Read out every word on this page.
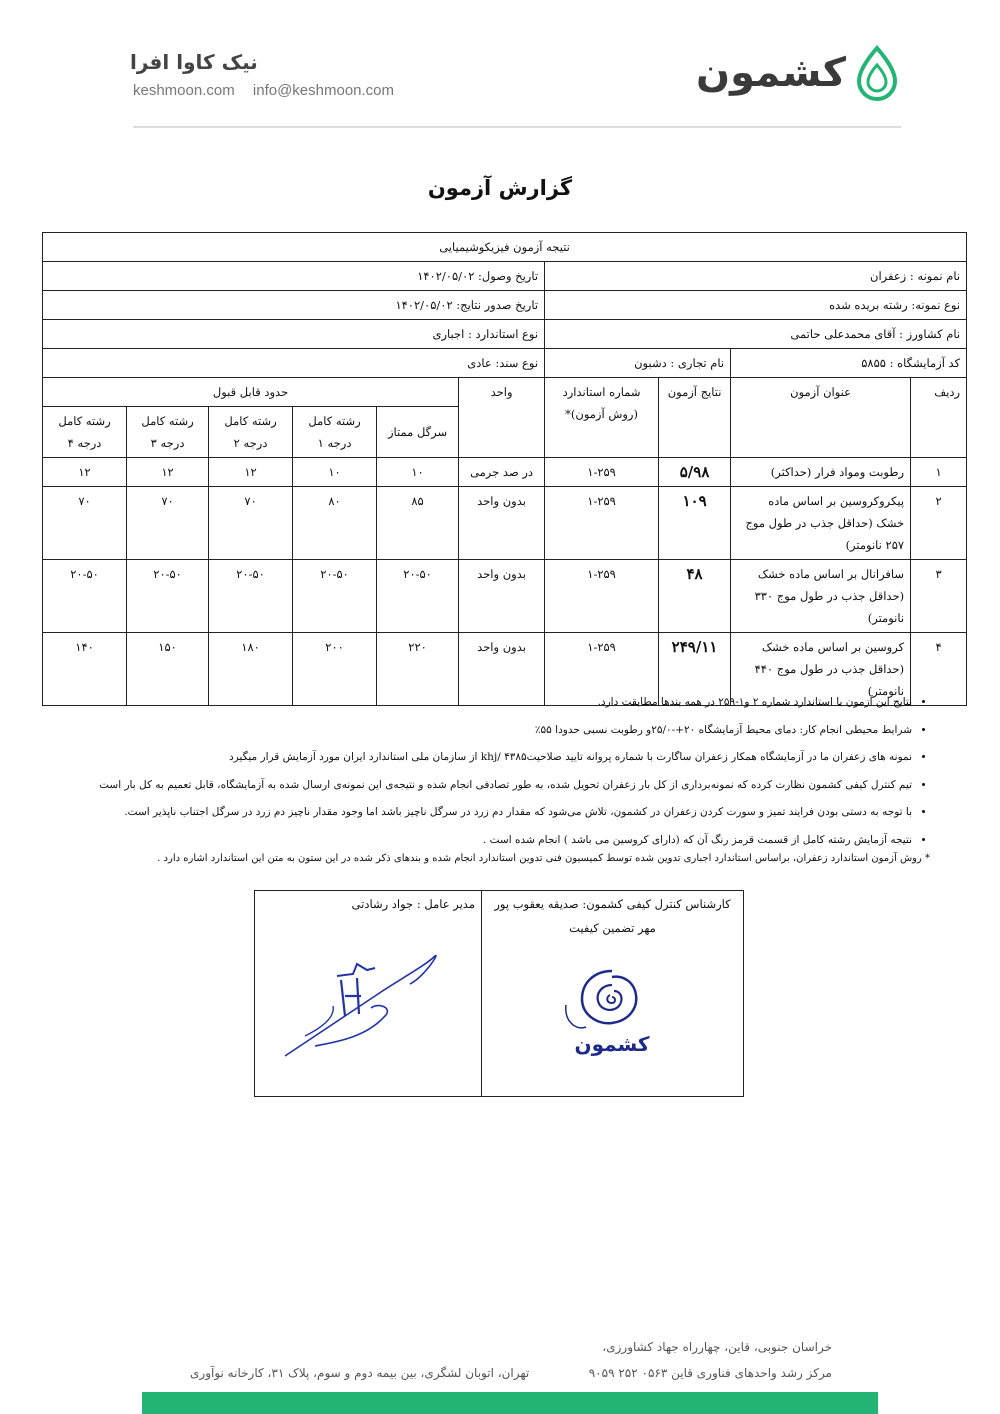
کشمون
نیک کاوا افرا
keshmoon.com info@keshmoon.com
گزارش آزمون
نتیجه آزمون فیزیکوشیمیایی									
نام نمونه : زعفران				تاریخ وصول: ۱۴۰۲/۰۵/۰۲					
نوع نمونه: رشته بریده شده				تاریخ صدور نتایج: ۱۴۰۲/۰۵/۰۲					
نام کشاورز : آقای محمدعلی حاتمی				نوع استاندارد : اجباری					
کد آزمایشگاه : ۵۸۵۵		نام تجاری : دشبون		نوع سند: عادی					
ردیف	عنوان آزمون	نتایج آزمون	شماره استاندارد (روش آزمون)*	واحد	حدود قابل قبول				
					سرگل ممتاز	رشته کامل درجه ۱	رشته کامل درجه ۲	رشته کامل درجه ۳	رشته کامل درجه ۴
۱	رطوبت ومواد فرار (حداکثر)	۵/۹۸	۱-۲۵۹	در صد جرمی	۱۰	۱۰	۱۲	۱۲	۱۲
۲	پیکروکروسین بر اساس ماده خشک (حداقل جذب در طول موج ۲۵۷ نانومتر)	۱۰۹	۱-۲۵۹	بدون واحد	۸۵	۸۰	۷۰	۷۰	۷۰
۳	سافرانال بر اساس ماده خشک (حداقل جذب در طول موج ۳۳۰ نانومتر)	۴۸	۱-۲۵۹	بدون واحد	۲۰-۵۰	۲۰-۵۰	۲۰-۵۰	۲۰-۵۰	۲۰-۵۰
۴	کروسین بر اساس ماده خشک (حداقل جذب در طول موج ۴۴۰ نانومتر)	۲۴۹/۱۱	۱-۲۵۹	بدون واحد	۲۲۰	۲۰۰	۱۸۰	۱۵۰	۱۴۰
• نتایج این آزمون با استاندارد شماره ۲ و۱-۲۵۹ در همه بندها مطابقت دارد.
• شرایط محیطی انجام کار: دمای محیط آزمایشگاه ۲۰+-۲۵/۰و رطوبت نسبی حدودا ۵۵٪
• نمونه های زعفران ما در آزمایشگاه همکار زعفران ساگارت با شماره پروانه تایید صلاحیت۴۳۸۵ /khj از سازمان ملی استاندارد ایران مورد آزمایش قرار میگیرد
• تیم کنترل کیفی کشمون نظارت کرده که نمونه‌برداری از کل بار زعفران تحویل شده، به طور تصادفی انجام شده و نتیجه‌ی این نمونه‌ی ارسال شده به آزمایشگاه، قابل تعمیم به کل بار است
• با توجه به دستی بودن فرایند تمیز و سورت کردن زعفران در کشمون، تلاش می‌شود که مقدار دم زرد در سرگل ناچیز باشد اما وجود مقدار ناچیز دم زرد در سرگل اجتناب ناپذیر است.
• نتیجه آزمایش رشته کامل از قسمت قرمز رنگ آن که (دارای کروسین می باشد ) انجام شده است .
* روش آزمون استاندارد زعفران، براساس استاندارد اجباری تدوین شده توسط کمیسیون فنی تدوین استاندارد انجام شده و بندهای ذکر شده در این ستون به متن این استاندارد اشاره دارد .
کارشناس کنترل کیفی کشمون: صدیقه یعقوب پور
مهر تضمین کیفیت
کشمون
مدیر عامل : جواد رشادتی
خراسان جنوبی، قاین، چهارراه جهاد کشاورزی،
مرکز رشد واحدهای فناوری قاین ۰۵۶۳ ۲۵۲ ۹۰۵۹
تهران، اتوبان لشگری، بین بیمه دوم و سوم، پلاک ۳۱، کارخانه نوآوری
